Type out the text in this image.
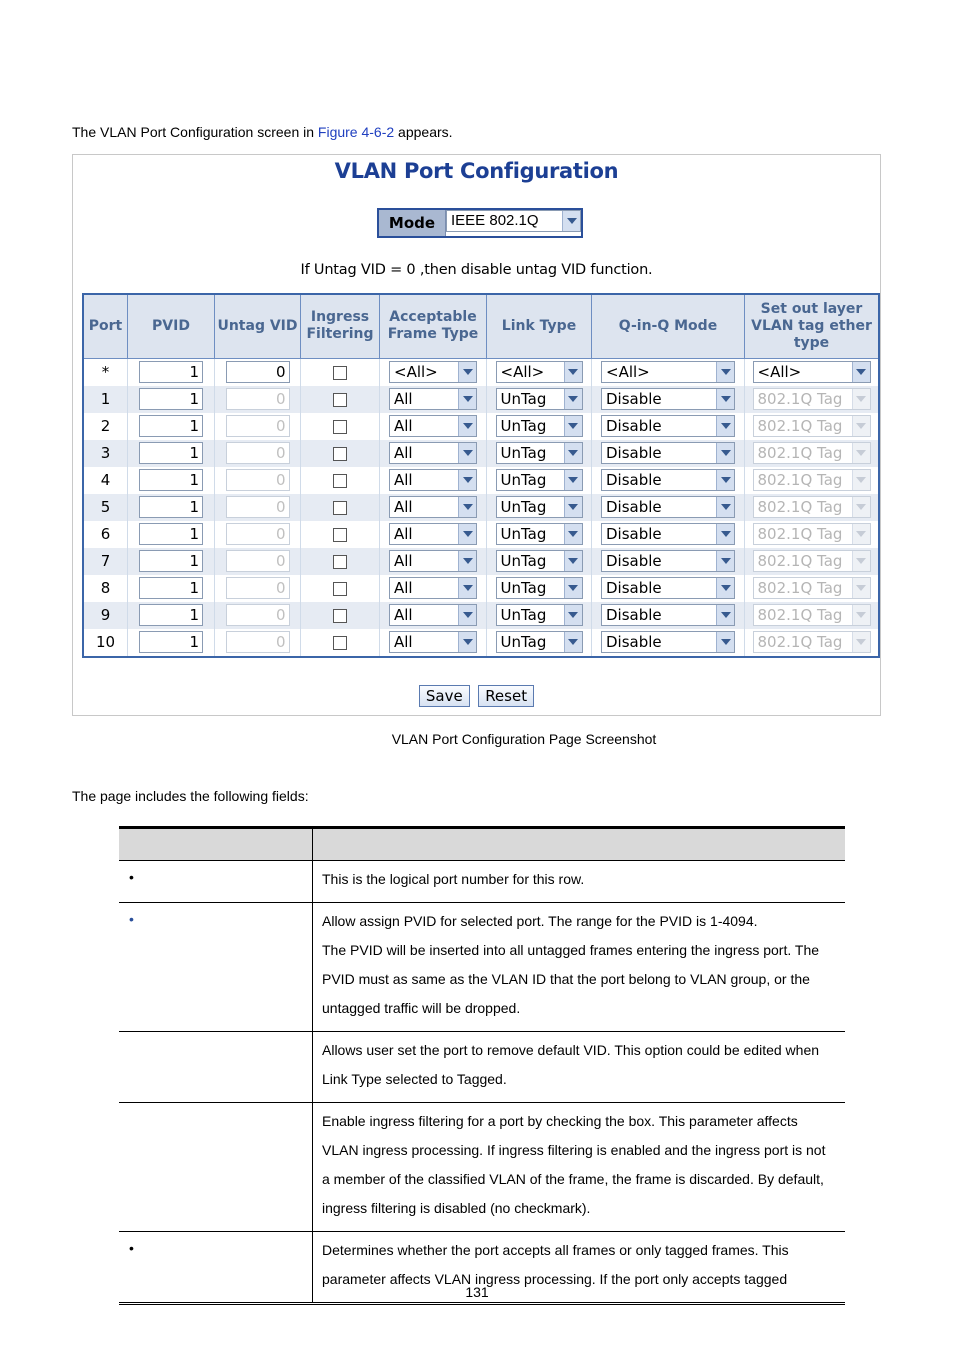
The VLAN Port Configuration screen in Figure 4-6-2 appears.
VLAN Port Configuration
Mode	IEEE 802.1Q
If Untag VID = 0 ,then disable untag VID function.
Port	PVID	Untag VID	Ingress Filtering	Acceptable Frame Type	Link Type	Q-in-Q Mode	Set out layer VLAN tag ether type
*	1	0		<All>	<All>	<All>	<All>

1	1	0		All	UnTag	Disable	802.1Q Tag

2	1	0		All	UnTag	Disable	802.1Q Tag

3	1	0		All	UnTag	Disable	802.1Q Tag

4	1	0		All	UnTag	Disable	802.1Q Tag

5	1	0		All	UnTag	Disable	802.1Q Tag

6	1	0		All	UnTag	Disable	802.1Q Tag

7	1	0		All	UnTag	Disable	802.1Q Tag

8	1	0		All	UnTag	Disable	802.1Q Tag

9	1	0		All	UnTag	Disable	802.1Q Tag

10	1	0		All	UnTag	Disable	802.1Q Tag
Save Reset
VLAN Port Configuration Page Screenshot
The page includes the following fields:

•	This is the logical port number for this row.

•	Allow assign PVID for selected port. The range for the PVID is 1-4094.
The PVID will be inserted into all untagged frames entering the ingress port. The PVID must as same as the VLAN ID that the port belong to VLAN group, or the untagged traffic will be dropped.

	Allows user set the port to remove default VID. This option could be edited when Link Type selected to Tagged.

	Enable ingress filtering for a port by checking the box. This parameter affects VLAN ingress processing. If ingress filtering is enabled and the ingress port is not a member of the classified VLAN of the frame, the frame is discarded. By default, ingress filtering is disabled (no checkmark).

•	Determines whether the port accepts all frames or only tagged frames. This parameter affects VLAN ingress processing. If the port only accepts tagged
131
